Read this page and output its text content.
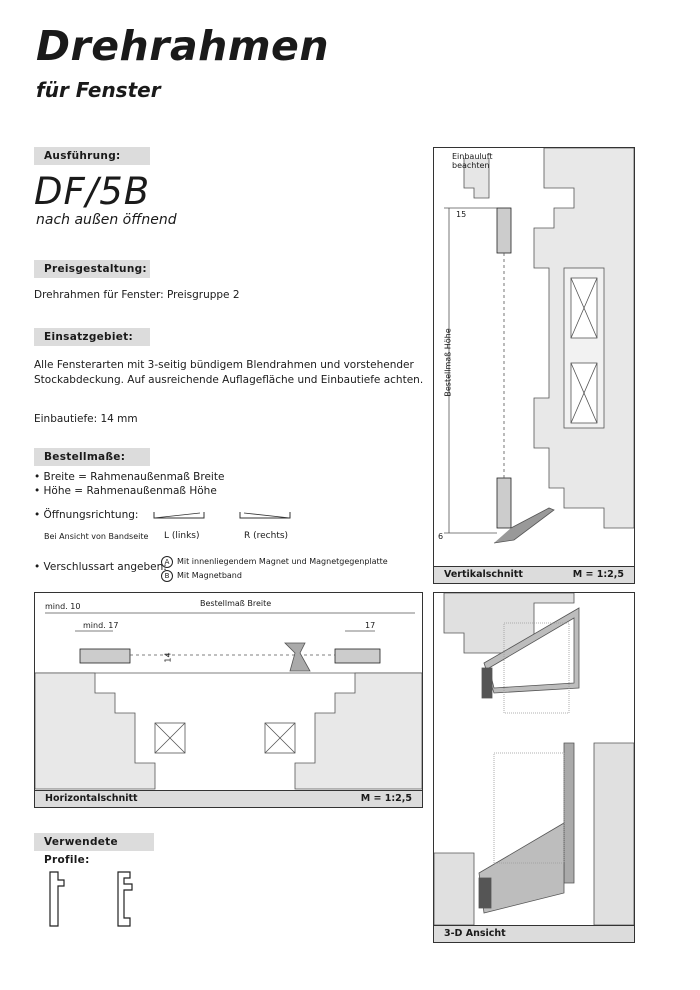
Drehrahmen
für Fenster
Ausführung:
DF/5B
nach außen öffnend
Preisgestaltung:
Drehrahmen für Fenster: Preisgruppe 2
Einsatzgebiet:
Alle Fensterarten mit 3-seitig bündigem Blendrahmen und vorstehender
Stockabdeckung. Auf ausreichende Auflagefläche und Einbautiefe achten.
Einbautiefe: 14 mm
Bestellmaße:
• Breite = Rahmenaußenmaß Breite
• Höhe = Rahmenaußenmaß Höhe
• Öffnungsrichtung:
Bei Ansicht von Bandseite L (links)	R (rechts)
• Verschlussart angeben:
A Mit innenliegendem Magnet und Magnetgegenplatte
B Mit Magnetband
Einbauluft
beachten
15
Bestellmaß Höhe
6
Vertikalschnitt	M = 1:2,5
mind. 10	Bestellmaß Breite
mind. 17	17
14
Horizontalschnitt	M = 1:2,5
3-D Ansicht
Verwendete Profile:
